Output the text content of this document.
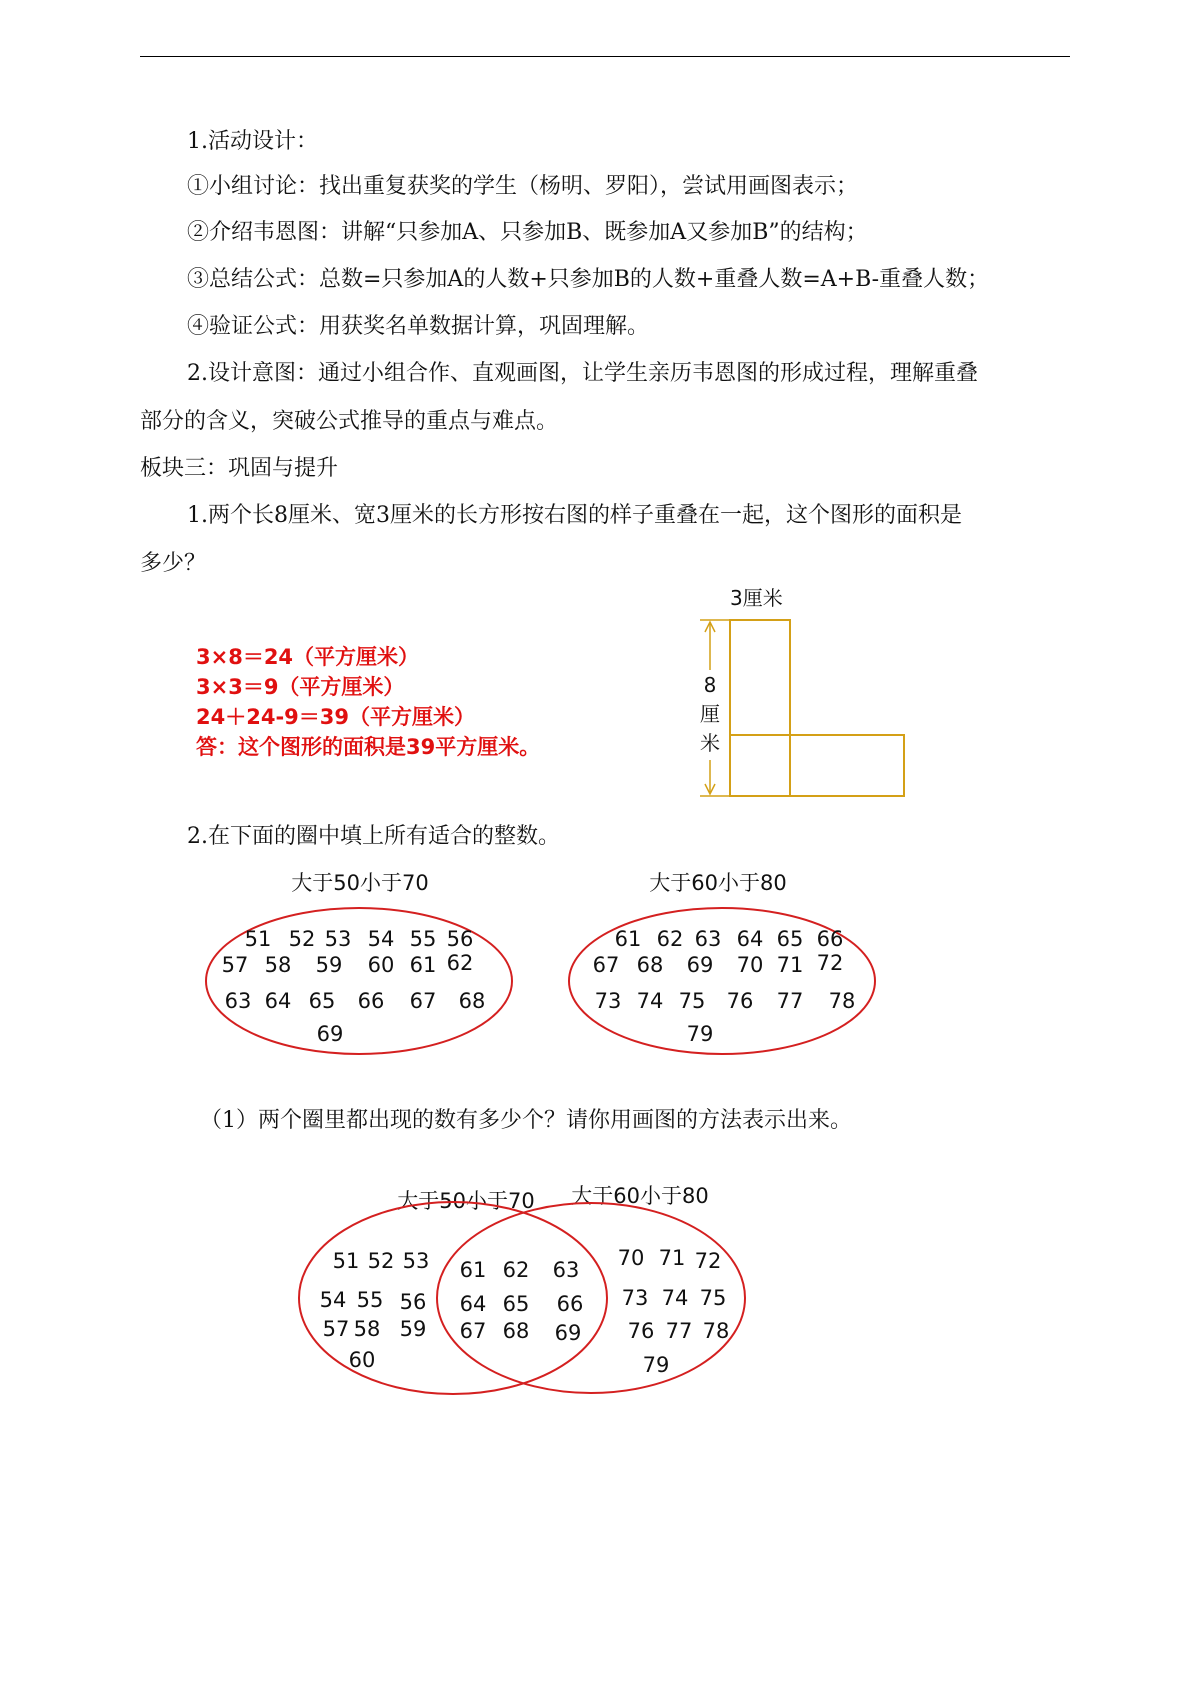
1.活动设计：
①小组讨论：找出重复获奖的学生（杨明、罗阳），尝试用画图表示；
②介绍韦恩图：讲解“只参加A、只参加B、既参加A又参加B”的结构；
③总结公式：总数=只参加A的人数+只参加B的人数+重叠人数=A+B-重叠人数；
④验证公式：用获奖名单数据计算，巩固理解。
2.设计意图：通过小组合作、直观画图，让学生亲历韦恩图的形成过程，理解重叠
部分的含义，突破公式推导的重点与难点。
板块三：巩固与提升
1.两个长8厘米、宽3厘米的长方形按右图的样子重叠在一起，这个图形的面积是
多少？
3×8＝24（平方厘米）
3×3＝9（平方厘米）
24＋24-9＝39（平方厘米）
答：这个图形的面积是39平方厘米。
3厘米
8
厘
米
2.在下面的圈中填上所有适合的整数。
大于50小于70	大于60小于80
51 52 53 54 55 56
57 58 59 60 61 62
63 64 65 66 67 68
69
61 62 63 64 65 66
67 68 69 70 71 72
73 74 75 76 77 78
79
（1）两个圈里都出现的数有多少个？请你用画图的方法表示出来。
大于50小于70 大于60小于80
51 52 53
54 55 56
57 58 59
60
61 62 63
64 65 66
67 68 69
70 71 72
73 74 75
76 77 78
79
